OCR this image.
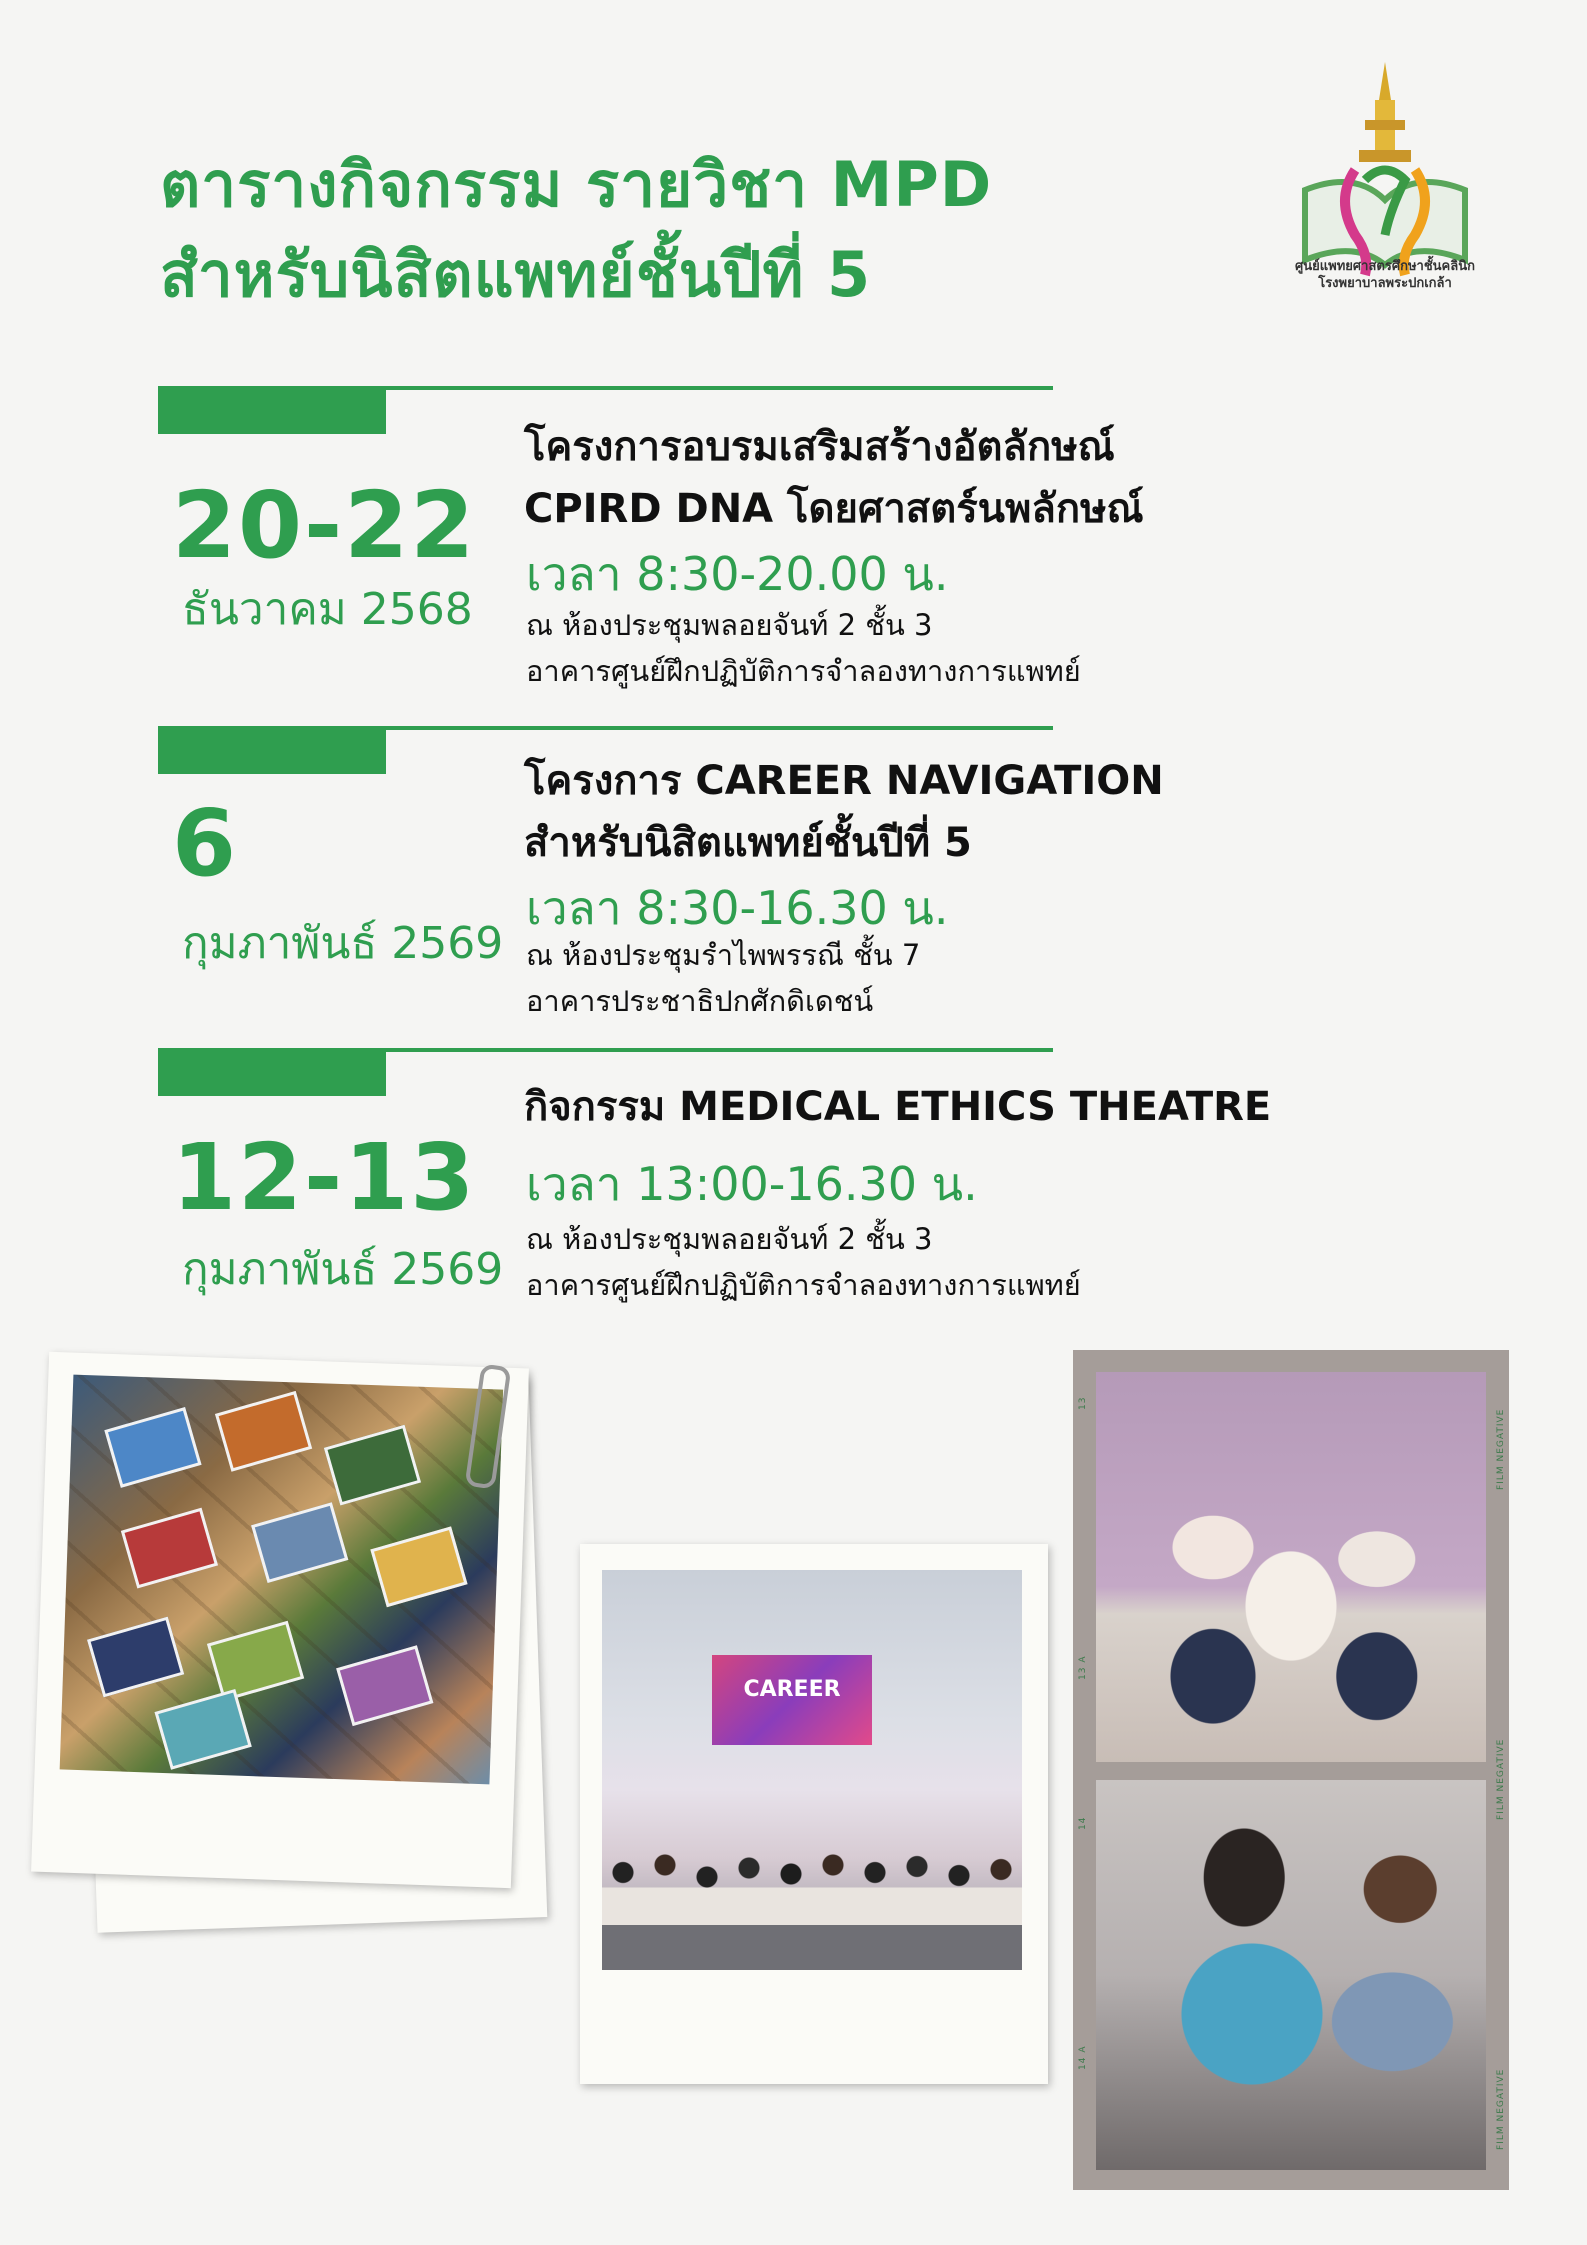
ตารางกิจกรรม รายวิชา MPD
สำหรับนิสิตแพทย์ชั้นปีที่ 5	ศูนย์แพทยศาสตรศึกษาชั้นคลินิก
โรงพยาบาลพระปกเกล้า
20-22
ธันวาคม 2568
โครงการอบรมเสริมสร้างอัตลักษณ์
CPIRD DNA โดยศาสตร์นพลักษณ์
เวลา 8:30-20.00 น.
ณ ห้องประชุมพลอยจันท์ 2 ชั้น 3
อาคารศูนย์ฝึกปฏิบัติการจำลองทางการแพทย์
6
กุมภาพันธ์ 2569
โครงการ CAREER NAVIGATION
สำหรับนิสิตแพทย์ชั้นปีที่ 5
เวลา 8:30-16.30 น.
ณ ห้องประชุมรำไพพรรณี ชั้น 7
อาคารประชาธิปกศักดิเดชน์
12-13
กุมภาพันธ์ 2569
กิจกรรม MEDICAL ETHICS THEATRE
เวลา 13:00-16.30 น.
ณ ห้องประชุมพลอยจันท์ 2 ชั้น 3
อาคารศูนย์ฝึกปฏิบัติการจำลองทางการแพทย์
CAREER
FILM NEGATIVE
FILM NEGATIVE
FILM NEGATIVE
13
13 A
14
14 A
